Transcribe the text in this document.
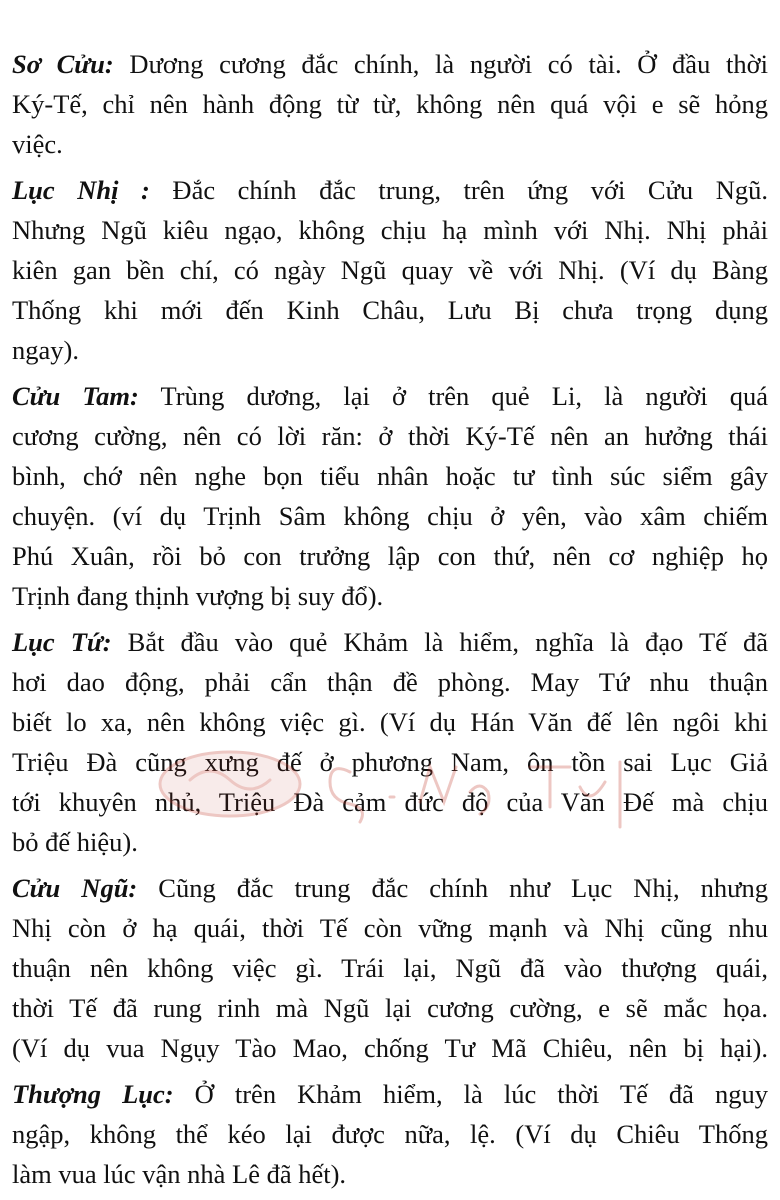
Sơ Cửu: Dương cương đắc chính, là người có tài. Ở đầu thời
Ký-Tế, chỉ nên hành động từ từ, không nên quá vội e sẽ hỏng
việc.
Lục Nhị : Đắc chính đắc trung, trên ứng với Cửu Ngũ.
Nhưng Ngũ kiêu ngạo, không chịu hạ mình với Nhị. Nhị phải
kiên gan bền chí, có ngày Ngũ quay về với Nhị. (Ví dụ Bàng
Thống khi mới đến Kinh Châu, Lưu Bị chưa trọng dụng
ngay).
Cửu Tam: Trùng dương, lại ở trên quẻ Li, là người quá
cương cường, nên có lời răn: ở thời Ký-Tế nên an hưởng thái
bình, chớ nên nghe bọn tiểu nhân hoặc tư tình súc siểm gây
chuyện. (ví dụ Trịnh Sâm không chịu ở yên, vào xâm chiếm
Phú Xuân, rồi bỏ con trưởng lập con thứ, nên cơ nghiệp họ
Trịnh đang thịnh vượng bị suy đổ).
Lục Tứ: Bắt đầu vào quẻ Khảm là hiểm, nghĩa là đạo Tế đã
hơi dao động, phải cẩn thận đề phòng. May Tứ nhu thuận
biết lo xa, nên không việc gì. (Ví dụ Hán Văn đế lên ngôi khi
Triệu Đà cũng xưng đế ở phương Nam, ôn tồn sai Lục Giả
tới khuyên nhủ, Triệu Đà cảm đức độ của Văn Đế mà chịu
bỏ đế hiệu).
Cửu Ngũ: Cũng đắc trung đắc chính như Lục Nhị, nhưng
Nhị còn ở hạ quái, thời Tế còn vững mạnh và Nhị cũng nhu
thuận nên không việc gì. Trái lại, Ngũ đã vào thượng quái,
thời Tế đã rung rinh mà Ngũ lại cương cường, e sẽ mắc họa.
(Ví dụ vua Ngụy Tào Mao, chống Tư Mã Chiêu, nên bị hại).
Thượng Lục: Ở trên Khảm hiểm, là lúc thời Tế đã nguy
ngập, không thể kéo lại được nữa, lệ. (Ví dụ Chiêu Thống
làm vua lúc vận nhà Lê đã hết).
